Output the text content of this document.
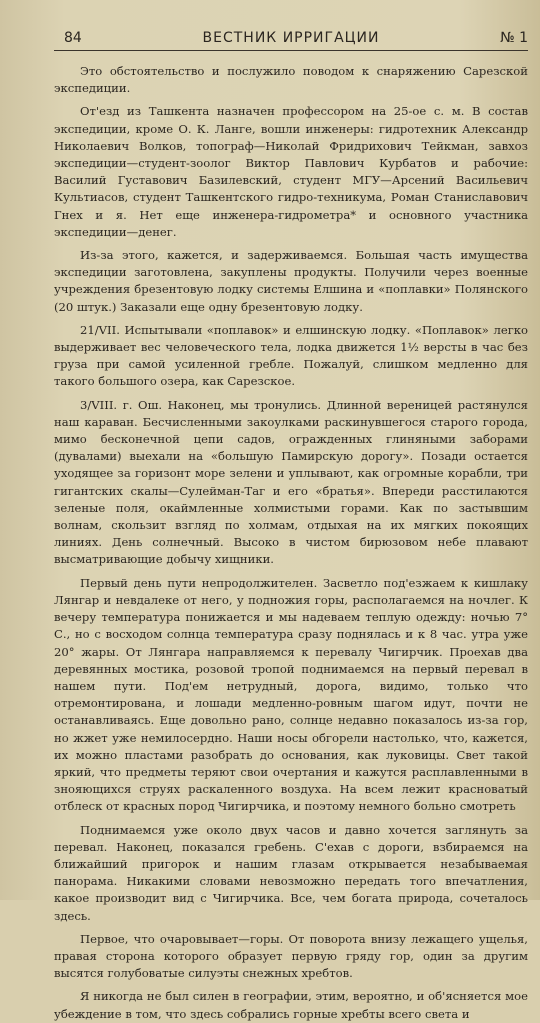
84	ВЕСТНИК ИРРИГАЦИИ	№ 1

Это обстоятельство и послужило поводом к снаряжению Сарезской экспедиции.

От'езд из Ташкента назначен профессором на 25-ое с. м. В состав экспедиции, кроме О. К. Ланге, вошли инженеры: гидротехник Александр Николаевич Волков, топограф—Николай Фридрихович Тейкман, завхоз экспедиции—студент-зоолог Виктор Павлович Курбатов и рабочие: Василий Густавович Базилевский, студент МГУ—Арсений Васильевич Культиасов, студент Ташкентского гидро-техникума, Роман Станиславович Гнех и я. Нет еще инженера-гидрометра* и основного участника экспедиции—денег.

Из-за этого, кажется, и задерживаемся. Большая часть имущества экспедиции заготовлена, закуплены продукты. Получили через военные учреждения брезентовую лодку системы Елшина и «поплавки» Полянского (20 штук.) Заказали еще одну брезентовую лодку.

21/VII. Испытывали «поплавок» и елшинскую лодку. «Поплавок» легко выдерживает вес человеческого тела, лодка движется 1½ версты в час без груза при самой усиленной гребле. Пожалуй, слишком медленно для такого большого озера, как Сарезское.

3/VIII. г. Ош. Наконец, мы тронулись. Длинной вереницей растянулся наш караван. Бесчисленными закоулками раскинувшегося старого города, мимо бесконечной цепи садов, огражденных глиняными заборами (дувалами) выехали на «большую Памирскую дорогу». Позади остается уходящее за горизонт море зелени и уплывают, как огромные корабли, три гигантских скалы—Сулейман-Таг и его «братья». Впереди расстилаются зеленые поля, окаймленные холмистыми горами. Как по застывшим волнам, скользит взгляд по холмам, отдыхая на их мягких покоящих линиях. День солнечный. Высоко в чистом бирюзовом небе плавают высматривающие добычу хищники.

Первый день пути непродолжителен. Засветло под'езжаем к кишлаку Лянгар и невдалеке от него, у подножия горы, располагаемся на ночлег. К вечеру температура понижается и мы надеваем теплую одежду: ночью 7° С., но с восходом солнца температура сразу поднялась и к 8 час. утра уже 20° жары. От Лянгара направляемся к перевалу Чигирчик. Проехав два деревянных мостика, розовой тропой поднимаемся на первый перевал в нашем пути. Под'ем нетрудный, дорога, видимо, только что отремонтирована, и лошади медленно-ровным шагом идут, почти не останавливаясь. Еще довольно рано, солнце недавно показалось из-за гор, но жжет уже немилосердно. Наши носы обгорели настолько, что, кажется, их можно пластами разобрать до основания, как луковицы. Свет такой яркий, что предметы теряют свои очертания и кажутся расплавленными в знояющихся струях раскаленного воздуха. На всем лежит красноватый отблеск от красных пород Чигирчика, и поэтому немного больно смотреть

Поднимаемся уже около двух часов и давно хочется заглянуть за перевал. Наконец, показался гребень. С'ехав с дороги, взбираемся на ближайший пригорок и нашим глазам открывается незабываемая панорама. Никакими словами невозможно передать того впечатления, какое производит вид с Чигирчика. Все, чем богата природа, сочеталось здесь.

Первое, что очаровывает—горы. От поворота внизу лежащего ущелья, правая сторона которого образует первую гряду гор, один за другим высятся голубоватые силуэты снежных хребтов.

Я никогда не был силен в географии, этим, вероятно, и об'ясняется мое убеждение в том, что здесь собрались горные хребты всего света и
